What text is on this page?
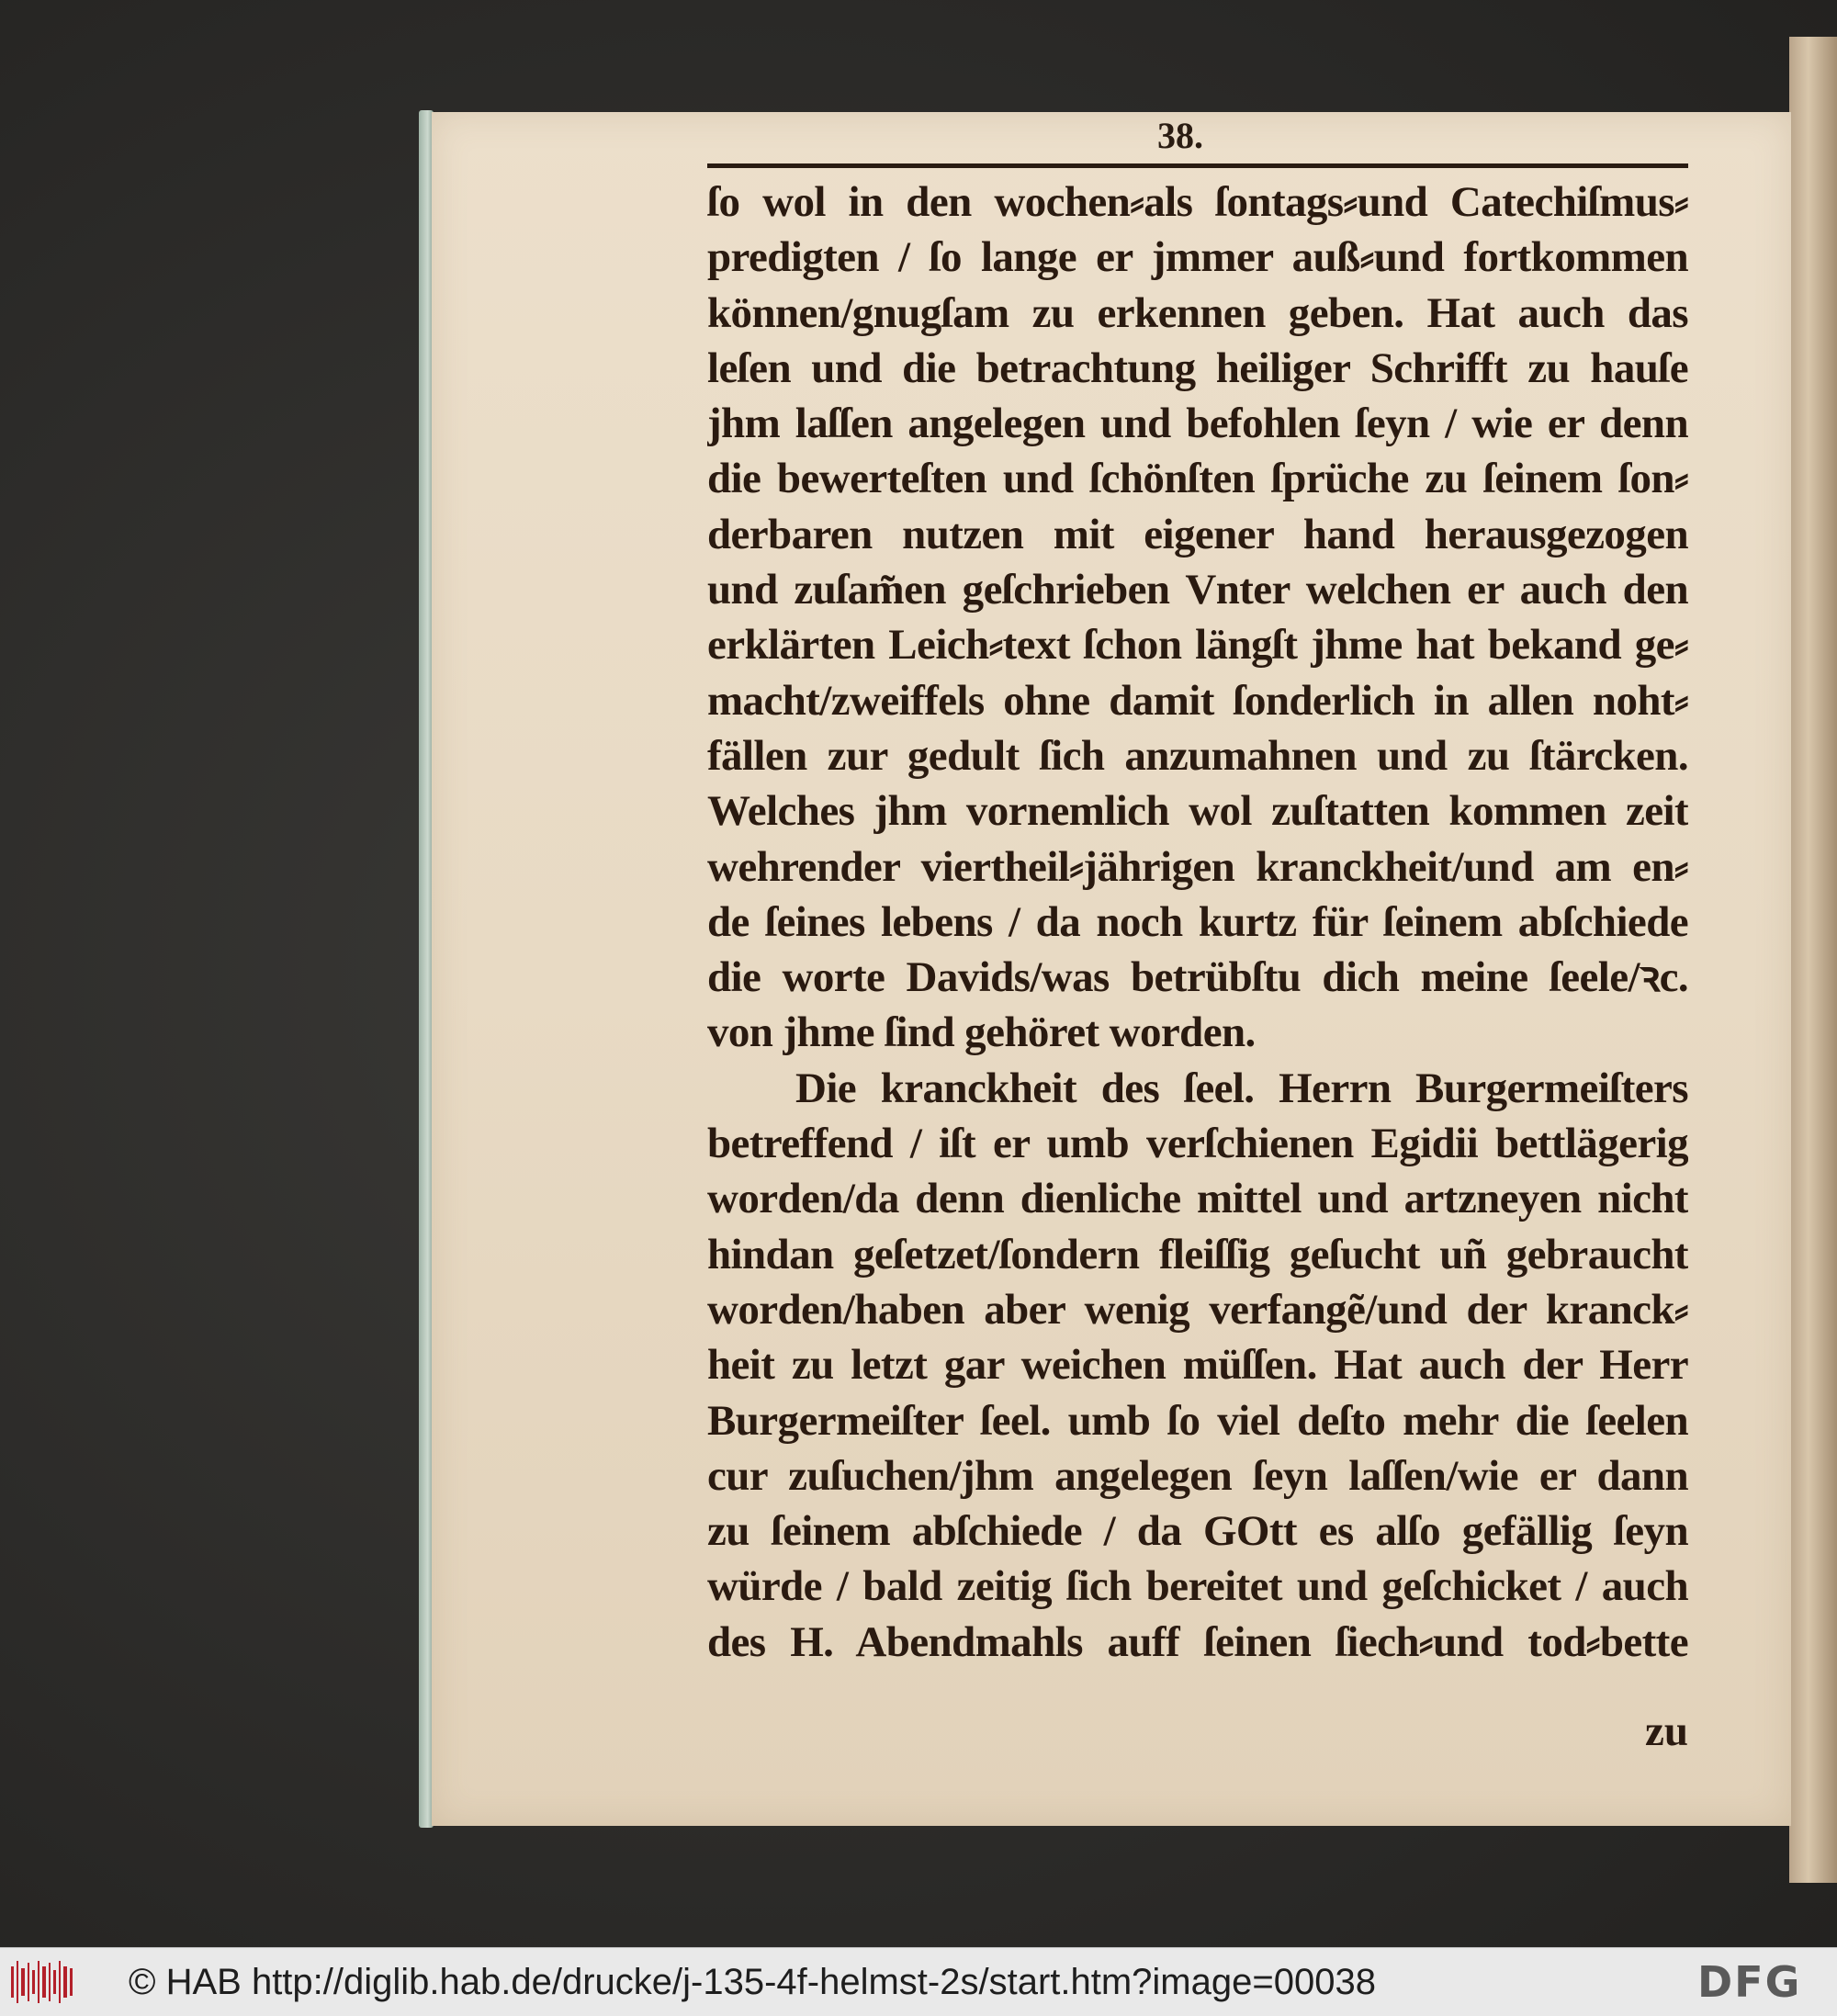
38.
ſo wol in den wochen⸗als ſontags⸗und Catechiſmus⸗
predigten / ſo lange er jmmer auß⸗und fortkommen
können/gnugſam zu erkennen geben. Hat auch das
leſen und die betrachtung heiliger Schrifft zu hauſe
jhm laſſen angelegen und befohlen ſeyn / wie er denn
die bewerteſten und ſchönſten ſprüche zu ſeinem ſon⸗
derbaren nutzen mit eigener hand herausgezogen
und zuſam̃en geſchrieben Vnter welchen er auch den
erklärten Leich⸗text ſchon längſt jhme hat bekand ge⸗
macht/zweiffels ohne damit ſonderlich in allen noht⸗
fällen zur gedult ſich anzumahnen und zu ſtärcken.
Welches jhm vornemlich wol zuſtatten kommen zeit
wehrender viertheil⸗jährigen kranckheit/und am en⸗
de ſeines lebens / da noch kurtz für ſeinem abſchiede
die worte Davids/was betrübſtu dich meine ſeele/ꝛc.
von jhme ſind gehöret worden.
Die kranckheit des ſeel. Herrn Burgermeiſters
betreffend / iſt er umb verſchienen Egidii bettlägerig
worden/da denn dienliche mittel und artzneyen nicht
hindan geſetzet/ſondern fleiſſig geſucht uñ gebraucht
worden/haben aber wenig verfangẽ/und der kranck⸗
heit zu letzt gar weichen müſſen. Hat auch der Herr
Burgermeiſter ſeel. umb ſo viel deſto mehr die ſeelen
cur zuſuchen/jhm angelegen ſeyn laſſen/wie er dann
zu ſeinem abſchiede / da GOtt es alſo gefällig ſeyn
würde / bald zeitig ſich bereitet und geſchicket / auch
des H. Abendmahls auff ſeinen ſiech⸗und tod⸗bette
zu
© HAB http://diglib.hab.de/drucke/j-135-4f-helmst-2s/start.htm?image=00038	DFG
